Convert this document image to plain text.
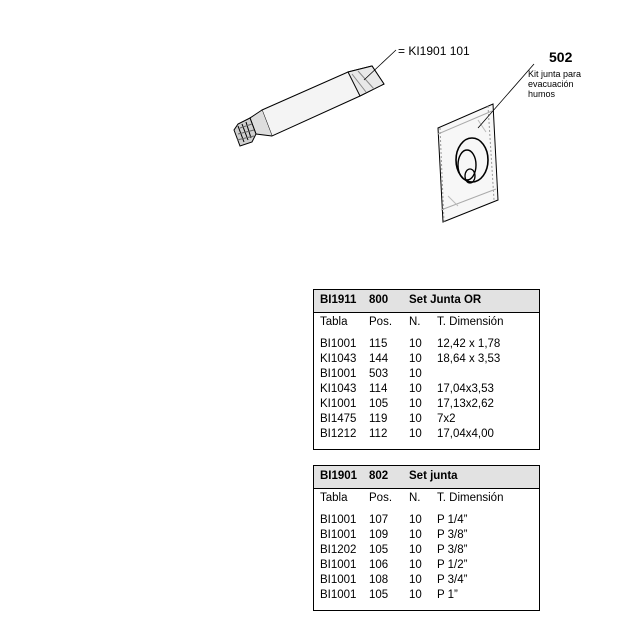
= KI1901 101	502
Kit junta para
evacuación
humos
BI1911 800 Set Junta OR
Tabla Pos. N. T. Dimensión
BI1001 115 10 12,42 x 1,78
KI1043 144 10 18,64 x 3,53
BI1001 503 10
KI1043 114 10 17,04x3,53
KI1001 105 10 17,13x2,62
BI1475 119 10 7x2
BI1212 112 10 17,04x4,00
BI1901 802 Set junta
Tabla Pos. N. T. Dimensión
BI1001 107 10 P 1/4”
BI1001 109 10 P 3/8”
BI1202 105 10 P 3/8”
BI1001 106 10 P 1/2”
BI1001 108 10 P 3/4”
BI1001 105 10 P 1”
